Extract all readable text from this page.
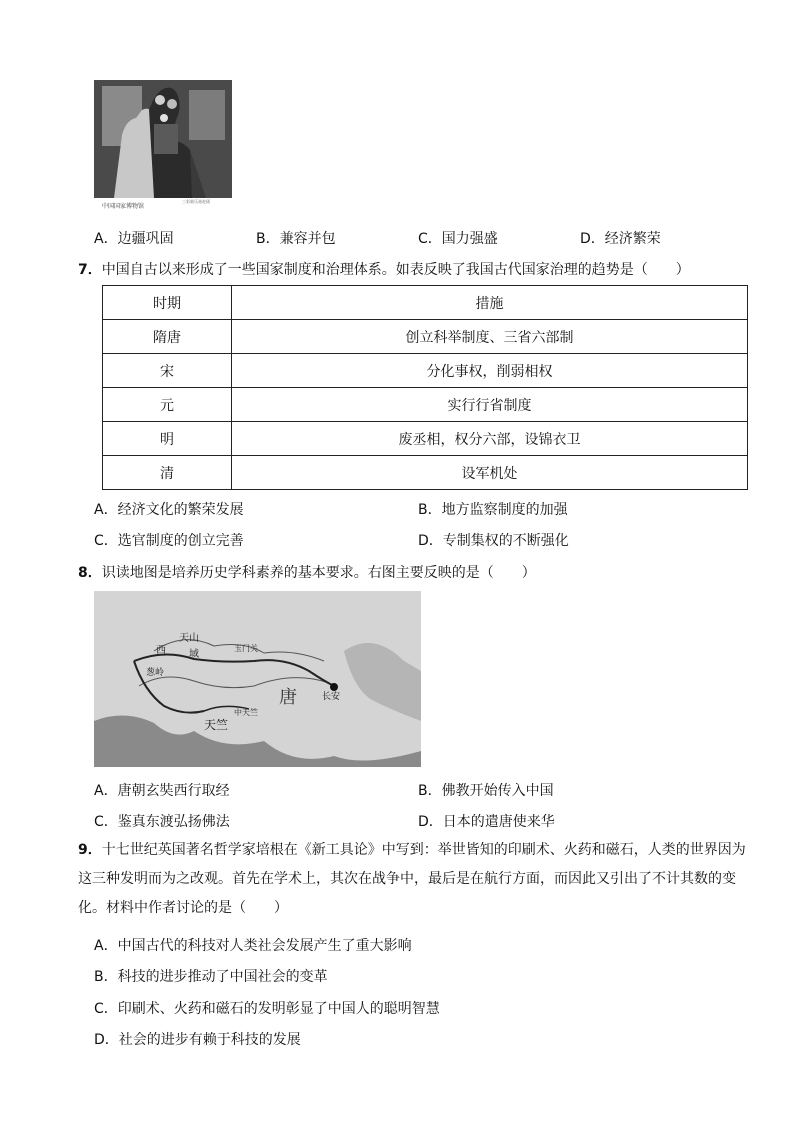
中国国家博物馆
三彩载乐骆驼俑
A．边疆巩固	B．兼容并包	C．国力强盛	D．经济繁荣
7．中国自古以来形成了一些国家制度和治理体系。如表反映了我国古代国家治理的趋势是（　　）
时期	措施
隋唐	创立科举制度、三省六部制
宋	分化事权，削弱相权
元	实行行省制度
明	废丞相，权分六部，设锦衣卫
清	设军机处
A．经济文化的繁荣发展	B．地方监察制度的加强
C．选官制度的创立完善	D．专制集权的不断强化
8．识读地图是培养历史学科素养的基本要求。右图主要反映的是（　　）
天山
西 域
玉门关
长安
葱岭
唐
天竺
中天竺
A．唐朝玄奘西行取经	B．佛教开始传入中国
C．鉴真东渡弘扬佛法	D．日本的遣唐使来华
9．十七世纪英国著名哲学家培根在《新工具论》中写到：举世皆知的印刷术、火药和磁石，人类的世界因为这三种发明而为之改观。首先在学术上，其次在战争中，最后是在航行方面，而因此又引出了不计其数的变化。材料中作者讨论的是（　　）
A．中国古代的科技对人类社会发展产生了重大影响
B．科技的进步推动了中国社会的变革
C．印刷术、火药和磁石的发明彰显了中国人的聪明智慧
D．社会的进步有赖于科技的发展
